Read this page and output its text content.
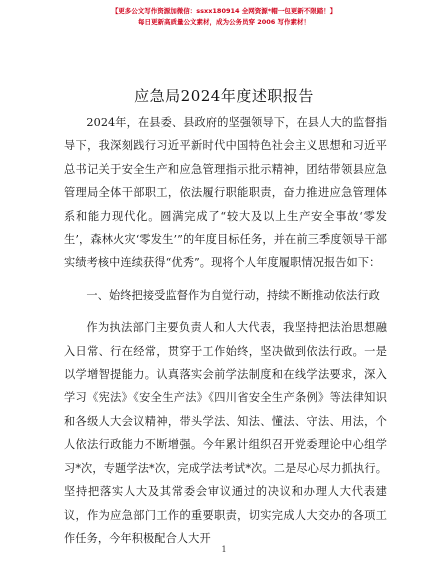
【更多公文写作资源加微信：ssxx180914 全网资源*帽一包更新不限踏！】
每日更新高质量公文素材，成为公务员穿 2006 写作素材！
应急局2024年度述职报告

2024年，在县委、县政府的坚强领导下，在县人大的监督指导下，我深刻践行习近平新时代中国特色社会主义思想和习近平总书记关于安全生产和应急管理指示批示精神，团结带领县应急管理局全体干部职工，依法履行职能职责，奋力推进应急管理体系和能力现代化。圆满完成了“较大及以上生产安全事故‘零发生’，森林火灾‘零发生’”的年度目标任务，并在前三季度领导干部实绩考核中连续获得“优秀”。现将个人年度履职情况报告如下：

一、始终把接受监督作为自觉行动，持续不断推动依法行政

作为执法部门主要负责人和人大代表，我坚持把法治思想融入日常、行在经常，贯穿于工作始终，坚决做到依法行政。一是以学增智提能力。认真落实会前学法制度和在线学法要求，深入学习《宪法》《安全生产法》《四川省安全生产条例》等法律知识和各级人大会议精神，带头学法、知法、懂法、守法、用法，个人依法行政能力不断增强。今年累计组织召开党委理论中心组学习*次，专题学法*次，完成学法考试*次。二是尽心尽力抓执行。坚持把落实人大及其常委会审议通过的决议和办理人大代表建议，作为应急部门工作的重要职责，切实完成人大交办的各项工作任务，今年积极配合人大开

1
